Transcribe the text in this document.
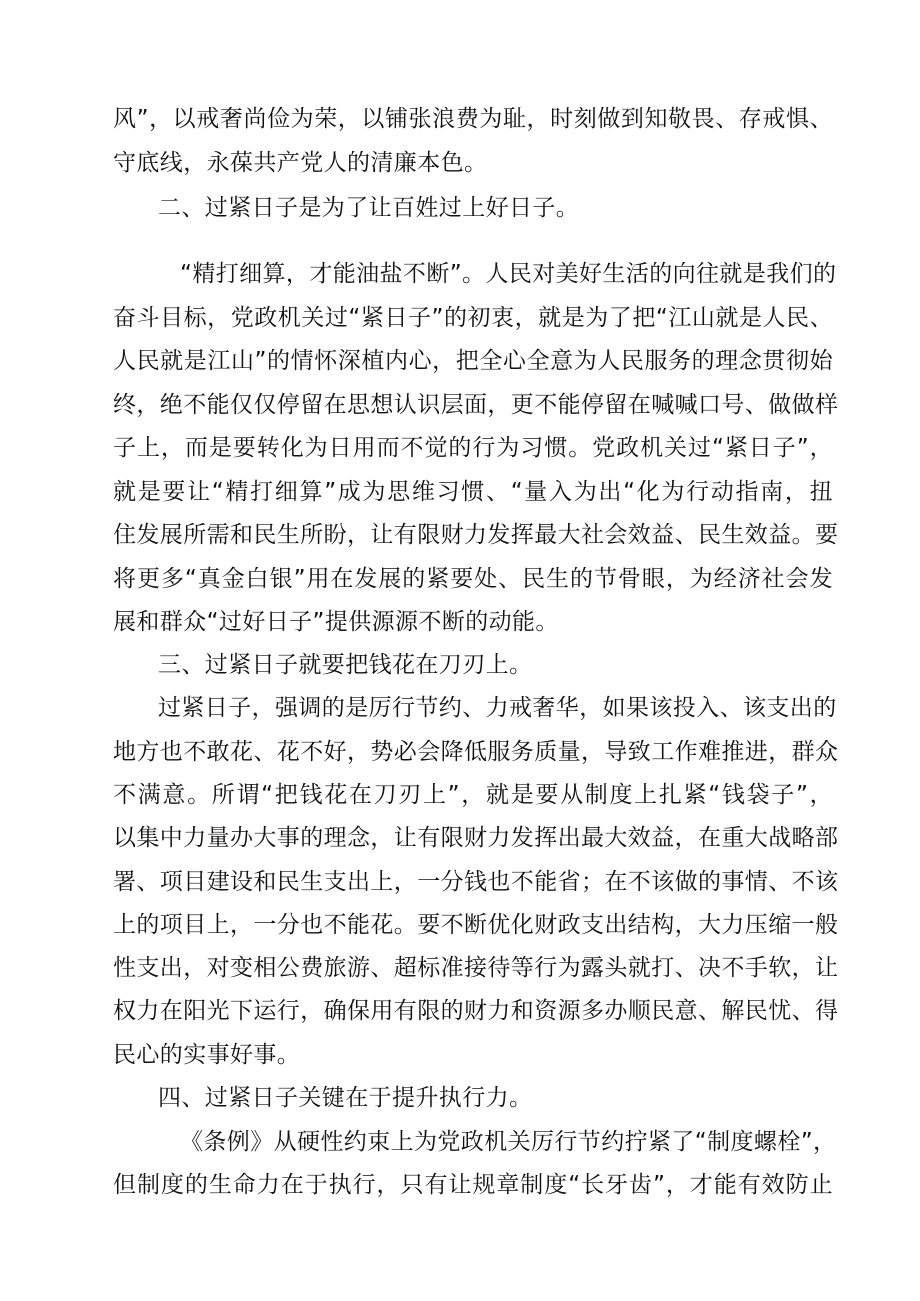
风”，以戒奢尚俭为荣，以铺张浪费为耻，时刻做到知敬畏、存戒惧、
守底线，永葆共产党人的清廉本色。
二、过紧日子是为了让百姓过上好日子。
“精打细算，才能油盐不断”。人民对美好生活的向往就是我们的
奋斗目标，党政机关过“紧日子”的初衷，就是为了把“江山就是人民、
人民就是江山”的情怀深植内心，把全心全意为人民服务的理念贯彻始
终，绝不能仅仅停留在思想认识层面，更不能停留在喊喊口号、做做样
子上，而是要转化为日用而不觉的行为习惯。党政机关过“紧日子”，
就是要让“精打细算”成为思维习惯、“量入为出“化为行动指南，扭
住发展所需和民生所盼，让有限财力发挥最大社会效益、民生效益。要
将更多“真金白银”用在发展的紧要处、民生的节骨眼，为经济社会发
展和群众“过好日子”提供源源不断的动能。
三、过紧日子就要把钱花在刀刃上。
过紧日子，强调的是厉行节约、力戒奢华，如果该投入、该支出的
地方也不敢花、花不好，势必会降低服务质量，导致工作难推进，群众
不满意。所谓“把钱花在刀刃上”，就是要从制度上扎紧“钱袋子”，
以集中力量办大事的理念，让有限财力发挥出最大效益，在重大战略部
署、项目建设和民生支出上，一分钱也不能省；在不该做的事情、不该
上的项目上，一分也不能花。要不断优化财政支出结构，大力压缩一般
性支出，对变相公费旅游、超标准接待等行为露头就打、决不手软，让
权力在阳光下运行，确保用有限的财力和资源多办顺民意、解民忧、得
民心的实事好事。
四、过紧日子关键在于提升执行力。
《条例》从硬性约束上为党政机关厉行节约拧紧了“制度螺栓”，
但制度的生命力在于执行，只有让规章制度“长牙齿”，才能有效防止
